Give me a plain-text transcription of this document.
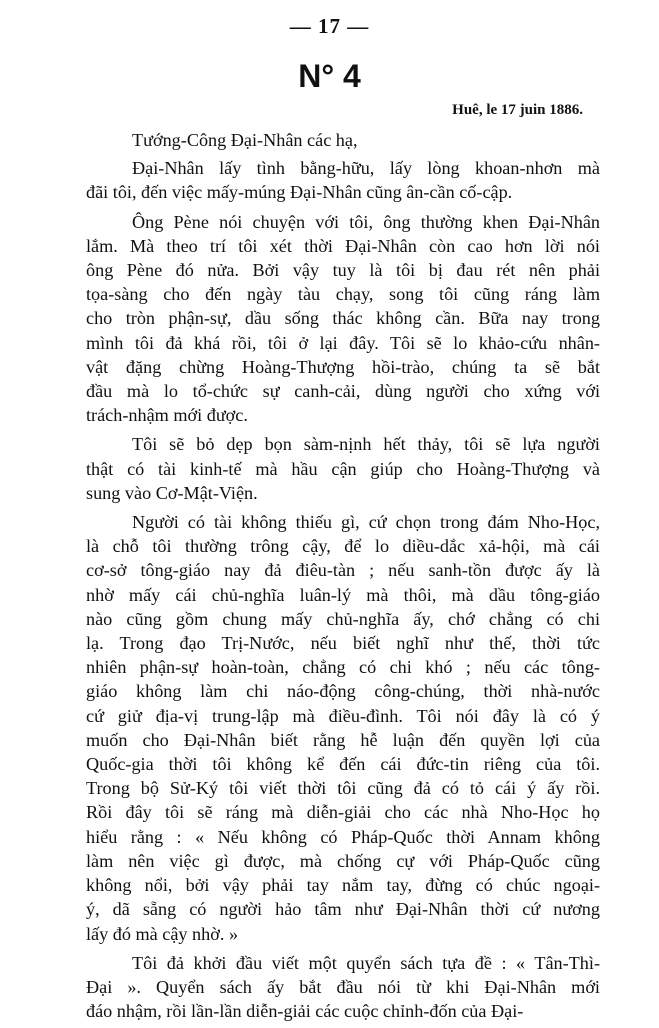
— 17 —
N° 4
Huê, le 17 juin 1886.
Tướng-Công Đại-Nhân các hạ,
Đại-Nhân lấy tình bằng-hữu, lấy lòng khoan-nhơn mà
đãi tôi, đến việc mấy-múng Đại-Nhân cũng ân-cần cố-cập.
Ông Pène nói chuyện với tôi, ông thường khen Đại-Nhân
lắm. Mà theo trí tôi xét thời Đại-Nhân còn cao hơn lời nói
ông Pène đó nửa. Bởi vậy tuy là tôi bị đau rét nên phải
tọa-sàng cho đến ngày tàu chạy, song tôi cũng ráng làm
cho tròn phận-sự, dầu sống thác không cần. Bữa nay trong
mình tôi đả khá rồi, tôi ở lại đây. Tôi sẽ lo khảo-cứu nhân-
vật đặng chừng Hoàng-Thượng hồi-trào, chúng ta sẽ bắt
đầu mà lo tổ-chức sự canh-cải, dùng người cho xứng với
trách-nhậm mới được.
Tôi sẽ bỏ dẹp bọn sàm-nịnh hết thảy, tôi sẽ lựa người
thật có tài kinh-tế mà hầu cận giúp cho Hoàng-Thượng và
sung vào Cơ-Mật-Viện.
Người có tài không thiếu gì, cứ chọn trong đám Nho-Học,
là chỗ tôi thường trông cậy, để lo diều-dắc xả-hội, mà cái
cơ-sở tông-giáo nay đả điêu-tàn ; nếu sanh-tồn được ấy là
nhờ mấy cái chủ-nghĩa luân-lý mà thôi, mà dầu tông-giáo
nào cũng gồm chung mấy chủ-nghĩa ấy, chớ chẳng có chi
lạ. Trong đạo Trị-Nước, nếu biết nghĩ như thế, thời tức
nhiên phận-sự hoàn-toàn, chẳng có chi khó ; nếu các tông-
giáo không làm chi náo-động công-chúng, thời nhà-nước
cứ giử địa-vị trung-lập mà điều-đình. Tôi nói đây là có ý
muốn cho Đại-Nhân biết rằng hễ luận đến quyền lợi của
Quốc-gia thời tôi không kể đến cái đức-tin riêng của tôi.
Trong bộ Sử-Ký tôi viết thời tôi cũng đả có tỏ cái ý ấy rồi.
Rồi đây tôi sẽ ráng mà diễn-giải cho các nhà Nho-Học họ
hiểu rằng : « Nếu không có Pháp-Quốc thời Annam không
làm nên việc gì được, mà chống cự với Pháp-Quốc cũng
không nổi, bởi vậy phải tay nắm tay, đừng có chúc ngoại-
ý, dã sẵng có người hảo tâm như Đại-Nhân thời cứ nương
lấy đó mà cậy nhờ. »
Tôi đả khởi đầu viết một quyển sách tựa đề : « Tân-Thì-
Đại ». Quyển sách ấy bắt đầu nói từ khi Đại-Nhân mới
đáo nhậm, rồi lần-lần diễn-giải các cuộc chỉnh-đốn của Đại-
